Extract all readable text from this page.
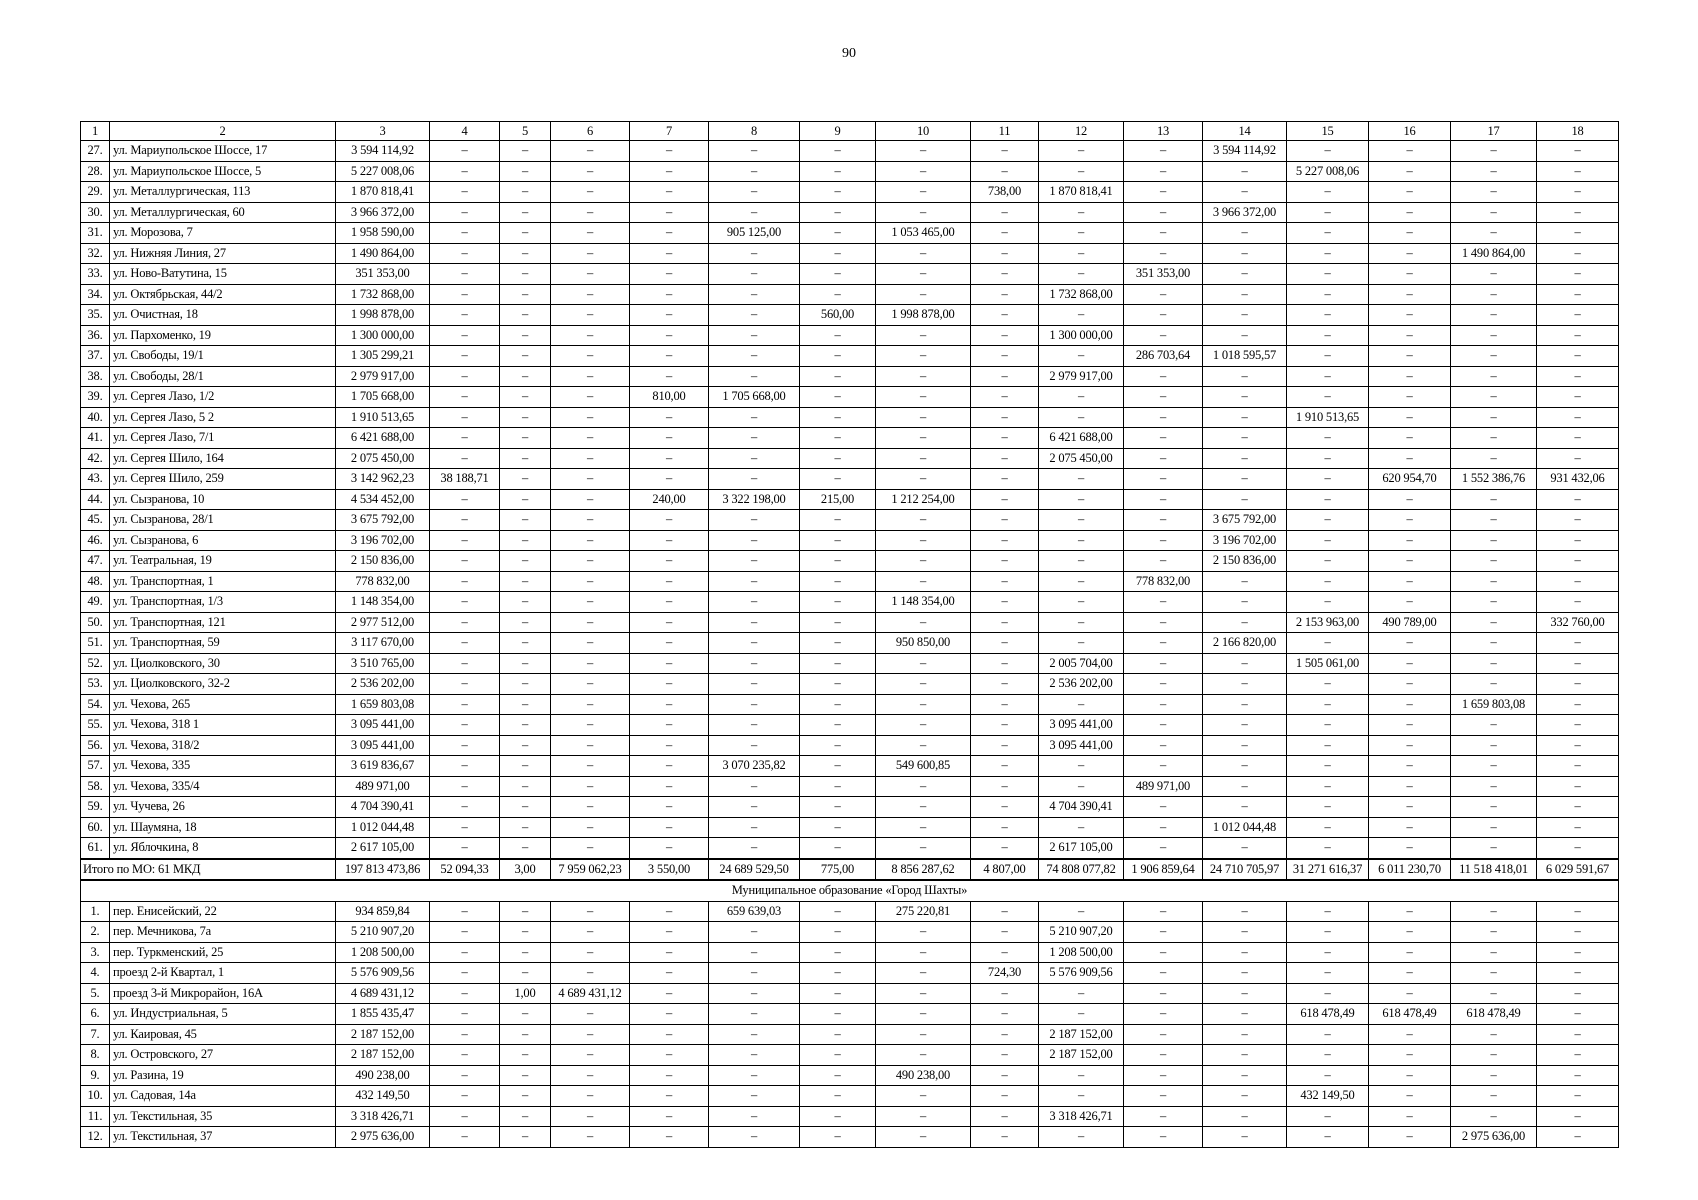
90
1	2	3	4	5	6	7	8	9	10	11	12	13	14	15	16	17	18
27.	ул. Мариупольское Шоссе, 17	3 594 114,92	–	–	–	–	–	–	–	–	–	–	3 594 114,92	–	–	–	–
28.	ул. Мариупольское Шоссе, 5	5 227 008,06	–	–	–	–	–	–	–	–	–	–	–	5 227 008,06	–	–	–
29.	ул. Металлургическая, 113	1 870 818,41	–	–	–	–	–	–	–	738,00	1 870 818,41	–	–	–	–	–	–
30.	ул. Металлургическая, 60	3 966 372,00	–	–	–	–	–	–	–	–	–	–	3 966 372,00	–	–	–	–
31.	ул. Морозова, 7	1 958 590,00	–	–	–	–	905 125,00	–	1 053 465,00	–	–	–	–	–	–	–	–
32.	ул. Нижняя Линия, 27	1 490 864,00	–	–	–	–	–	–	–	–	–	–	–	–	–	1 490 864,00	–
33.	ул. Ново-Ватутина, 15	351 353,00	–	–	–	–	–	–	–	–	–	351 353,00	–	–	–	–	–
34.	ул. Октябрьская, 44/2	1 732 868,00	–	–	–	–	–	–	–	–	1 732 868,00	–	–	–	–	–	–
35.	ул. Очистная, 18	1 998 878,00	–	–	–	–	–	560,00	1 998 878,00	–	–	–	–	–	–	–	–
36.	ул. Пархоменко, 19	1 300 000,00	–	–	–	–	–	–	–	–	1 300 000,00	–	–	–	–	–	–
37.	ул. Свободы, 19/1	1 305 299,21	–	–	–	–	–	–	–	–	–	286 703,64	1 018 595,57	–	–	–	–
38.	ул. Свободы, 28/1	2 979 917,00	–	–	–	–	–	–	–	–	2 979 917,00	–	–	–	–	–	–
39.	ул. Сергея Лазо, 1/2	1 705 668,00	–	–	–	810,00	1 705 668,00	–	–	–	–	–	–	–	–	–	–
40.	ул. Сергея Лазо, 5 2	1 910 513,65	–	–	–	–	–	–	–	–	–	–	–	1 910 513,65	–	–	–
41.	ул. Сергея Лазо, 7/1	6 421 688,00	–	–	–	–	–	–	–	–	6 421 688,00	–	–	–	–	–	–
42.	ул. Сергея Шило, 164	2 075 450,00	–	–	–	–	–	–	–	–	2 075 450,00	–	–	–	–	–	–
43.	ул. Сергея Шило, 259	3 142 962,23	38 188,71	–	–	–	–	–	–	–	–	–	–	–	620 954,70	1 552 386,76	931 432,06
44.	ул. Сызранова, 10	4 534 452,00	–	–	–	240,00	3 322 198,00	215,00	1 212 254,00	–	–	–	–	–	–	–	–
45.	ул. Сызранова, 28/1	3 675 792,00	–	–	–	–	–	–	–	–	–	–	3 675 792,00	–	–	–	–
46.	ул. Сызранова, 6	3 196 702,00	–	–	–	–	–	–	–	–	–	–	3 196 702,00	–	–	–	–
47.	ул. Театральная, 19	2 150 836,00	–	–	–	–	–	–	–	–	–	–	2 150 836,00	–	–	–	–
48.	ул. Транспортная, 1	778 832,00	–	–	–	–	–	–	–	–	–	778 832,00	–	–	–	–	–
49.	ул. Транспортная, 1/3	1 148 354,00	–	–	–	–	–	–	1 148 354,00	–	–	–	–	–	–	–	–
50.	ул. Транспортная, 121	2 977 512,00	–	–	–	–	–	–	–	–	–	–	–	2 153 963,00	490 789,00	–	332 760,00
51.	ул. Транспортная, 59	3 117 670,00	–	–	–	–	–	–	950 850,00	–	–	–	2 166 820,00	–	–	–	–
52.	ул. Циолковского, 30	3 510 765,00	–	–	–	–	–	–	–	–	2 005 704,00	–	–	1 505 061,00	–	–	–
53.	ул. Циолковского, 32-2	2 536 202,00	–	–	–	–	–	–	–	–	2 536 202,00	–	–	–	–	–	–
54.	ул. Чехова, 265	1 659 803,08	–	–	–	–	–	–	–	–	–	–	–	–	–	1 659 803,08	–
55.	ул. Чехова, 318 1	3 095 441,00	–	–	–	–	–	–	–	–	3 095 441,00	–	–	–	–	–	–
56.	ул. Чехова, 318/2	3 095 441,00	–	–	–	–	–	–	–	–	3 095 441,00	–	–	–	–	–	–
57.	ул. Чехова, 335	3 619 836,67	–	–	–	–	3 070 235,82	–	549 600,85	–	–	–	–	–	–	–	–
58.	ул. Чехова, 335/4	489 971,00	–	–	–	–	–	–	–	–	–	489 971,00	–	–	–	–	–
59.	ул. Чучева, 26	4 704 390,41	–	–	–	–	–	–	–	–	4 704 390,41	–	–	–	–	–	–
60.	ул. Шаумяна, 18	1 012 044,48	–	–	–	–	–	–	–	–	–	–	1 012 044,48	–	–	–	–
61.	ул. Яблочкина, 8	2 617 105,00	–	–	–	–	–	–	–	–	2 617 105,00	–	–	–	–	–	–
Итого по МО: 61 МКД		197 813 473,86	52 094,33	3,00	7 959 062,23	3 550,00	24 689 529,50	775,00	8 856 287,62	4 807,00	74 808 077,82	1 906 859,64	24 710 705,97	31 271 616,37	6 011 230,70	11 518 418,01	6 029 591,67
Муниципальное образование «Город Шахты»																	
1.	пер. Енисейский, 22	934 859,84	–	–	–	–	659 639,03	–	275 220,81	–	–	–	–	–	–	–	–
2.	пер. Мечникова, 7а	5 210 907,20	–	–	–	–	–	–	–	–	5 210 907,20	–	–	–	–	–	–
3.	пер. Туркменский, 25	1 208 500,00	–	–	–	–	–	–	–	–	1 208 500,00	–	–	–	–	–	–
4.	проезд 2-й Квартал, 1	5 576 909,56	–	–	–	–	–	–	–	724,30	5 576 909,56	–	–	–	–	–	–
5.	проезд 3-й Микрорайон, 16А	4 689 431,12	–	1,00	4 689 431,12	–	–	–	–	–	–	–	–	–	–	–	–
6.	ул. Индустриальная, 5	1 855 435,47	–	–	–	–	–	–	–	–	–	–	–	618 478,49	618 478,49	618 478,49	–
7.	ул. Каировая, 45	2 187 152,00	–	–	–	–	–	–	–	–	2 187 152,00	–	–	–	–	–	–
8.	ул. Островского, 27	2 187 152,00	–	–	–	–	–	–	–	–	2 187 152,00	–	–	–	–	–	–
9.	ул. Разина, 19	490 238,00	–	–	–	–	–	–	490 238,00	–	–	–	–	–	–	–	–
10.	ул. Садовая, 14а	432 149,50	–	–	–	–	–	–	–	–	–	–	–	432 149,50	–	–	–
11.	ул. Текстильная, 35	3 318 426,71	–	–	–	–	–	–	–	–	3 318 426,71	–	–	–	–	–	–
12.	ул. Текстильная, 37	2 975 636,00	–	–	–	–	–	–	–	–	–	–	–	–	–	2 975 636,00	–
